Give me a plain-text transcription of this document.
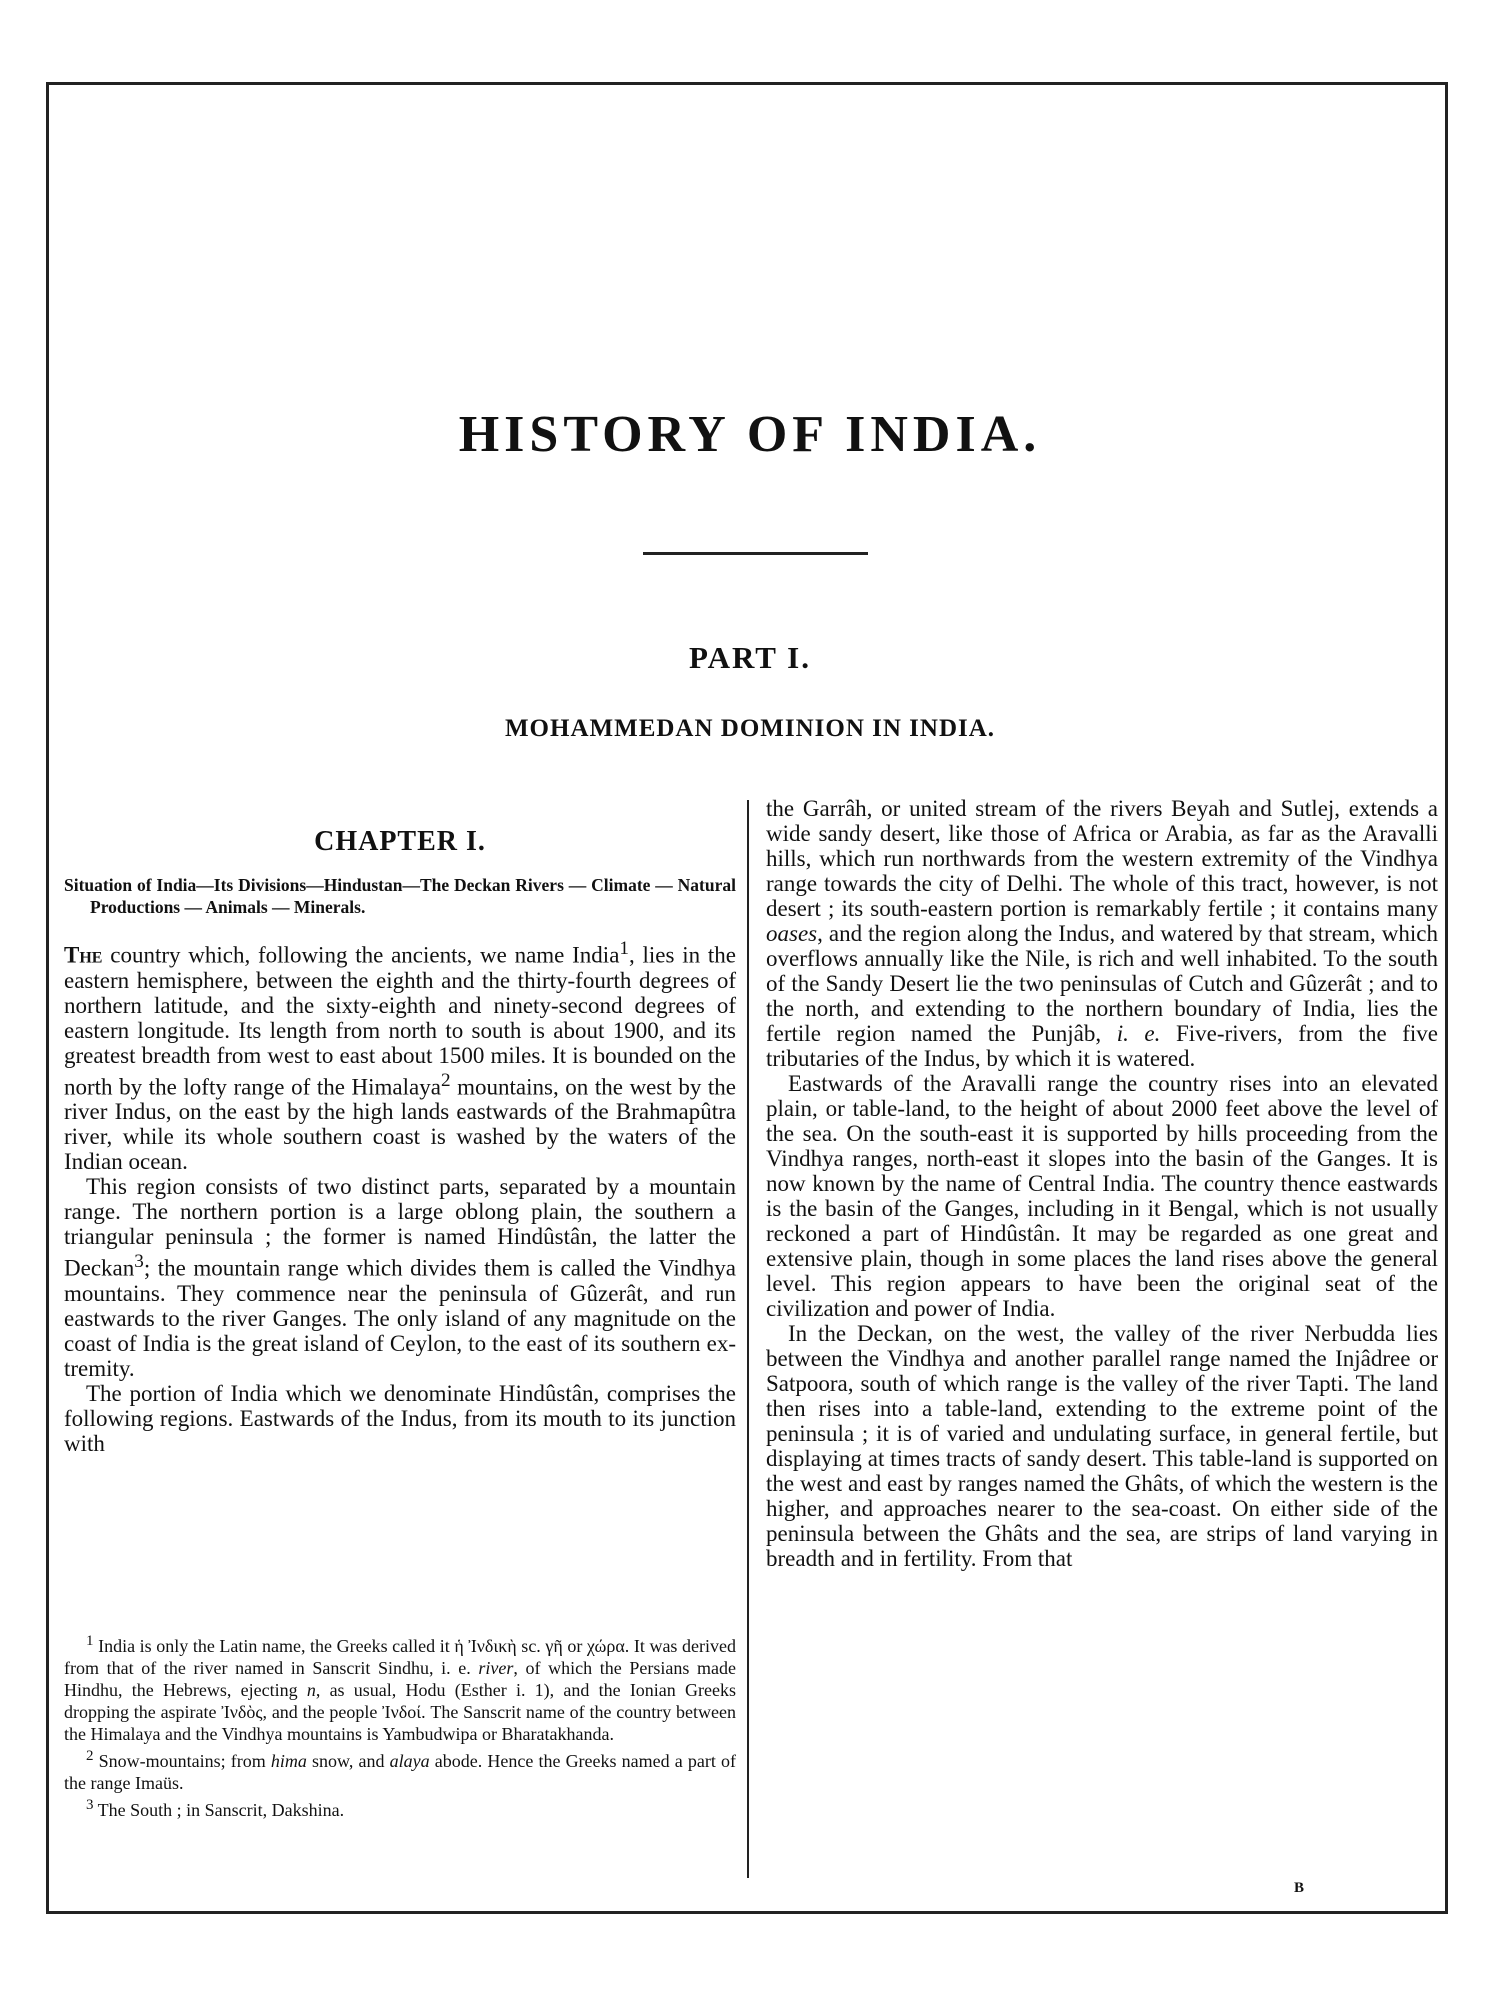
HISTORY OF INDIA.
PART I.
MOHAMMEDAN DOMINION IN INDIA.
CHAPTER I.

Situation of India—Its Divisions—Hindustan—The Deckan Rivers — Climate — Natural Productions — Animals — Minerals.

The country which, following the ancients, we name India$^1$, lies in the eastern hemisphere, between the eighth and the thirty-fourth degrees of northern latitude, and the sixty-eighth and ninety-second degrees of eastern longitude. Its length from north to south is about 1900, and its greatest breadth from west to east about 1500 miles. It is bounded on the north by the lofty range of the Himalaya$^2$ mountains, on the west by the river Indus, on the east by the high lands eastwards of the Brahmapûtra river, while its whole southern coast is washed by the waters of the Indian ocean.

This region consists of two distinct parts, separated by a mountain range. The northern portion is a large oblong plain, the southern a triangular peninsula ; the former is named Hindûstân, the latter the Deckan$^3$; the mountain range which divides them is called the Vindhya mountains. They commence near the peninsula of Gûzerât, and run eastwards to the river Ganges. The only island of any magnitude on the coast of India is the great island of Ceylon, to the east of its southern extremity.

The portion of India which we denominate Hindûstân, comprises the following regions. Eastwards of the Indus, from its mouth to its junction with

$^1$ India is only the Latin name, the Greeks called it ἡ Ἰνδικὴ sc. γῆ or χώρα. It was derived from that of the river named in Sanscrit Sindhu, i. e. river, of which the Persians made Hindhu, the Hebrews, ejecting n, as usual, Hodu (Esther i. 1), and the Ionian Greeks dropping the aspirate Ἰνδὸς, and the people Ἰνδοί. The Sanscrit name of the country between the Himalaya and the Vindhya mountains is Yambudwipa or Bharatakhanda.

$^2$ Snow-mountains; from hima snow, and alaya abode. Hence the Greeks named a part of the range Imaüs.

$^3$ The South ; in Sanscrit, Dakshina.

the Garrâh, or united stream of the rivers Beyah and Sutlej, extends a wide sandy desert, like those of Africa or Arabia, as far as the Aravalli hills, which run northwards from the western extremity of the Vindhya range towards the city of Delhi. The whole of this tract, however, is not desert ; its south-eastern portion is remarkably fertile ; it contains many oases, and the region along the Indus, and watered by that stream, which overflows annually like the Nile, is rich and well inhabited. To the south of the Sandy Desert lie the two peninsulas of Cutch and Gûzerât ; and to the north, and extending to the northern boundary of India, lies the fertile region named the Punjâb, i. e. Five-rivers, from the five tributaries of the Indus, by which it is watered.

Eastwards of the Aravalli range the country rises into an elevated plain, or table-land, to the height of about 2000 feet above the level of the sea. On the south-east it is supported by hills proceeding from the Vindhya ranges, north-east it slopes into the basin of the Ganges. It is now known by the name of Central India. The country thence eastwards is the basin of the Ganges, including in it Bengal, which is not usually reckoned a part of Hindûstân. It may be regarded as one great and extensive plain, though in some places the land rises above the general level. This region appears to have been the original seat of the civilization and power of India.

In the Deckan, on the west, the valley of the river Nerbudda lies between the Vindhya and another parallel range named the Injâdree or Satpoora, south of which range is the valley of the river Tapti. The land then rises into a table-land, extending to the extreme point of the peninsula ; it is of varied and undulating surface, in general fertile, but displaying at times tracts of sandy desert. This table-land is supported on the west and east by ranges named the Ghâts, of which the western is the higher, and approaches nearer to the sea-coast. On either side of the peninsula between the Ghâts and the sea, are strips of land varying in breadth and in fertility. From that

B
